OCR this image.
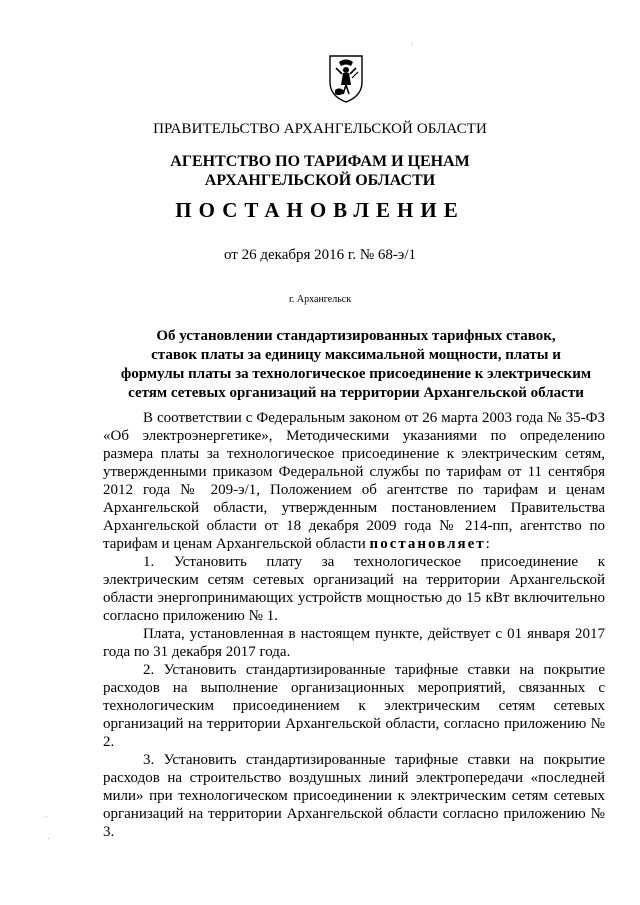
ПРАВИТЕЛЬСТВО АРХАНГЕЛЬСКОЙ ОБЛАСТИ
АГЕНТСТВО ПО ТАРИФАМ И ЦЕНАМ
АРХАНГЕЛЬСКОЙ ОБЛАСТИ
ПОСТАНОВЛЕНИЕ
от 26 декабря 2016 г. № 68-э/1
г. Архангельск
Об установлении стандартизированных тарифных ставок,
ставок платы за единицу максимальной мощности, платы и
формулы платы за технологическое присоединение к электрическим
сетям сетевых организаций на территории Архангельской области

В соответствии с Федеральным законом от 26 марта 2003 года № 35-ФЗ «Об электроэнергетике», Методическими указаниями по определению размера платы за технологическое присоединение к электрическим сетям, утвержденными приказом Федеральной службы по тарифам от 11 сентября 2012 года № 209-э/1, Положением об агентстве по тарифам и ценам Архангельской области, утвержденным постановлением Правительства Архангельской области от 18 декабря 2009 года № 214-пп, агентство по тарифам и ценам Архангельской области постановляет:

1. Установить плату за технологическое присоединение к электрическим сетям сетевых организаций на территории Архангельской области энергопринимающих устройств мощностью до 15 кВт включительно согласно приложению № 1.

Плата, установленная в настоящем пункте, действует с 01 января 2017 года по 31 декабря 2017 года.

2. Установить стандартизированные тарифные ставки на покрытие расходов на выполнение организационных мероприятий, связанных с технологическим присоединением к электрическим сетям сетевых организаций на территории Архангельской области, согласно приложению № 2.

3. Установить стандартизированные тарифные ставки на покрытие расходов на строительство воздушных линий электропередачи «последней мили» при технологическом присоединении к электрическим сетям сетевых организаций на территории Архангельской области согласно приложению № 3.
